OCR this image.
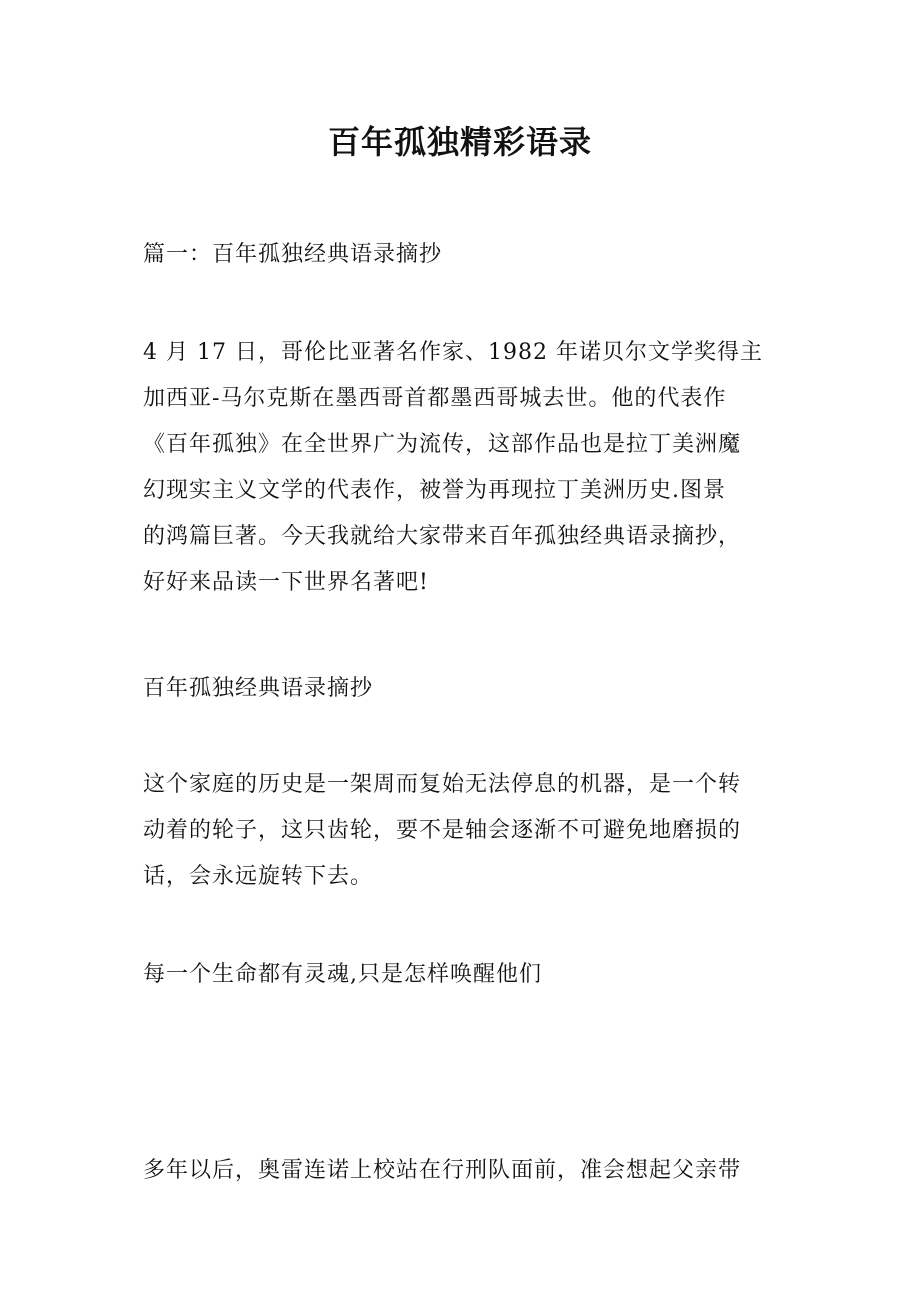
百年孤独精彩语录
篇一：百年孤独经典语录摘抄
4 月 17 日，哥伦比亚著名作家、1982 年诺贝尔文学奖得主
加西亚-马尔克斯在墨西哥首都墨西哥城去世。他的代表作
《百年孤独》在全世界广为流传，这部作品也是拉丁美洲魔
幻现实主义文学的代表作，被誉为再现拉丁美洲历史.图景
的鸿篇巨著。今天我就给大家带来百年孤独经典语录摘抄，
好好来品读一下世界名著吧!
百年孤独经典语录摘抄
这个家庭的历史是一架周而复始无法停息的机器，是一个转
动着的轮子，这只齿轮，要不是轴会逐渐不可避免地磨损的
话，会永远旋转下去。
每一个生命都有灵魂,只是怎样唤醒他们
多年以后，奥雷连诺上校站在行刑队面前，准会想起父亲带
